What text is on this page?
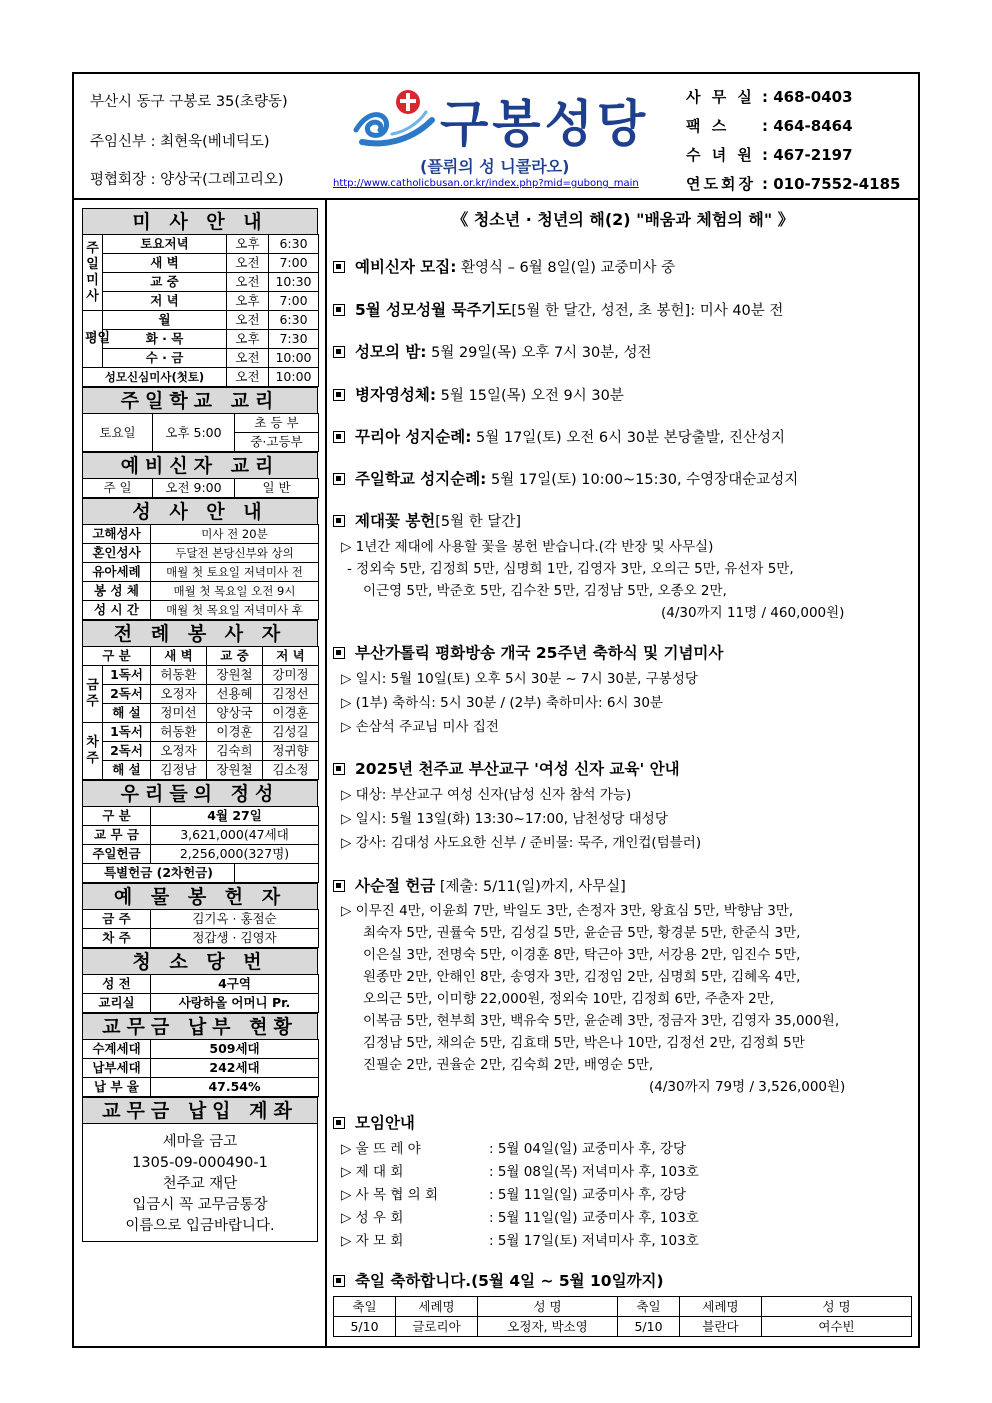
부산시 동구 구봉로 35(초량동)
주임신부 : 최현욱(베네딕도)
평협회장 : 양상국(그레고리오)
구봉성당
(플뤼의 성 니콜라오)
http://www.catholicbusan.or.kr/index.php?mid=gubong_main
사 무 실 : 468-0403
팩 스 : 464-8464
수 녀 원 : 467-2197
연도회장 : 010-7552-4185
미 사 안 내
주
일
미
사	토요저녁	오후	6:30
	새 벽	오전	7:00
	교 중	오전	10:30
	저 녁	오후	7:00
평일	월	오전	6:30
	화 · 목	오후	7:30
	수 · 금	오전	10:00
성모신심미사(첫토)		오전	10:00
주일학교 교리
토요일	오후 5:00	초 등 부
중·고등부
예비신자 교리
주 일	오전 9:00	일 반
성 사 안 내
고해성사	미사 전 20분
혼인성사	두달전 본당신부와 상의
유아세례	매월 첫 토요일 저녁미사 전
봉 성 체	매월 첫 목요일 오전 9시
성 시 간	매월 첫 목요일 저녁미사 후
전 례 봉 사 자
구 분		새 벽	교 중	저 녁
금
주	1독서	허동환	장원철	강미정
	2독서	오정자	선용혜	김정선
	해 설	정미선	양상국	이경훈
차
주	1독서	허동환	이경훈	김성길
	2독서	오정자	김숙희	정귀향
	해 설	김정남	장원철	김소정
우리들의 정성
구 분	4월 27일	
교 무 금	3,621,000(47세대	
주일헌금	2,256,000(327명)	
특별헌금 (2차헌금)		
예 물 봉 헌 자
금 주	김기옥 · 홍점순
차 주	정갑생 · 김영자
청 소 당 번
성 전	4구역
교리실	사랑하올 어머니 Pr.
교무금 납부 현황
수계세대	509세대
납부세대	242세대
납 부 율	47.54%
교무금 납입 계좌
세마을 금고
1305-09-000490-1
천주교 재단
입금시 꼭 교무금통장
이름으로 입금바랍니다.
《 청소년 · 청년의 해(2) "배움과 체험의 해" 》
예비신자 모집: 환영식 – 6월 8일(일) 교중미사 중
5월 성모성월 묵주기도[5월 한 달간, 성전, 초 봉헌]: 미사 40분 전
성모의 밤: 5월 29일(목) 오후 7시 30분, 성전
병자영성체: 5월 15일(목) 오전 9시 30분
꾸리아 성지순례: 5월 17일(토) 오전 6시 30분 본당출발, 진산성지
주일학교 성지순례: 5월 17일(토) 10:00~15:30, 수영장대순교성지
제대꽃 봉헌[5월 한 달간]
▷ 1년간 제대에 사용할 꽃을 봉헌 받습니다.(각 반장 및 사무실)
- 정외숙 5만, 김정희 5만, 심명희 1만, 김영자 3만, 오의근 5만, 유선자 5만,
이근영 5만, 박준호 5만, 김수찬 5만, 김정남 5만, 오종오 2만,
(4/30까지 11명 / 460,000원)
부산가톨릭 평화방송 개국 25주년 축하식 및 기념미사
▷ 일시: 5월 10일(토) 오후 5시 30분 ~ 7시 30분, 구봉성당
▷ (1부) 축하식: 5시 30분 / (2부) 축하미사: 6시 30분
▷ 손삼석 주교님 미사 집전
2025년 천주교 부산교구 '여성 신자 교육' 안내
▷ 대상: 부산교구 여성 신자(남성 신자 참석 가능)
▷ 일시: 5월 13일(화) 13:30~17:00, 남천성당 대성당
▷ 강사: 김대성 사도요한 신부 / 준비물: 묵주, 개인컵(텀블러)
사순절 헌금 [제출: 5/11(일)까지, 사무실]
▷ 이무진 4만, 이윤희 7만, 박일도 3만, 손정자 3만, 왕효심 5만, 박향남 3만,
최숙자 5만, 권률숙 5만, 김성길 5만, 윤순금 5만, 황경분 5만, 한준식 3만,
이은실 3만, 전명숙 5만, 이경훈 8만, 탁근아 3만, 서강용 2만, 임진수 5만,
원종만 2만, 안해인 8만, 송영자 3만, 김정임 2만, 심명희 5만, 김혜옥 4만,
오의근 5만, 이미향 22,000원, 정외숙 10만, 김정희 6만, 주춘자 2만,
이복금 5만, 현부희 3만, 백유숙 5만, 윤순례 3만, 정금자 3만, 김영자 35,000원,
김정남 5만, 채의순 5만, 김효태 5만, 박은나 10만, 김정선 2만, 김정희 5만
진필순 2만, 권율순 2만, 김숙희 2만, 배영순 5만,
(4/30까지 79명 / 3,526,000원)
모임안내
▷ 울 뜨 레 야	: 5월 04일(일) 교중미사 후, 강당
▷ 제 대 회	: 5월 08일(목) 저녁미사 후, 103호
▷ 사 목 협 의 회	: 5월 11일(일) 교중미사 후, 강당
▷ 성 우 회	: 5월 11일(일) 교중미사 후, 103호
▷ 자 모 회	: 5월 17일(토) 저녁미사 후, 103호
축일 축하합니다.(5월 4일 ~ 5월 10일까지)
축일	세례명	성 명	축일	세례명	성 명
5/10	글로리아	오정자, 박소영	5/10	블란다	여수빈
